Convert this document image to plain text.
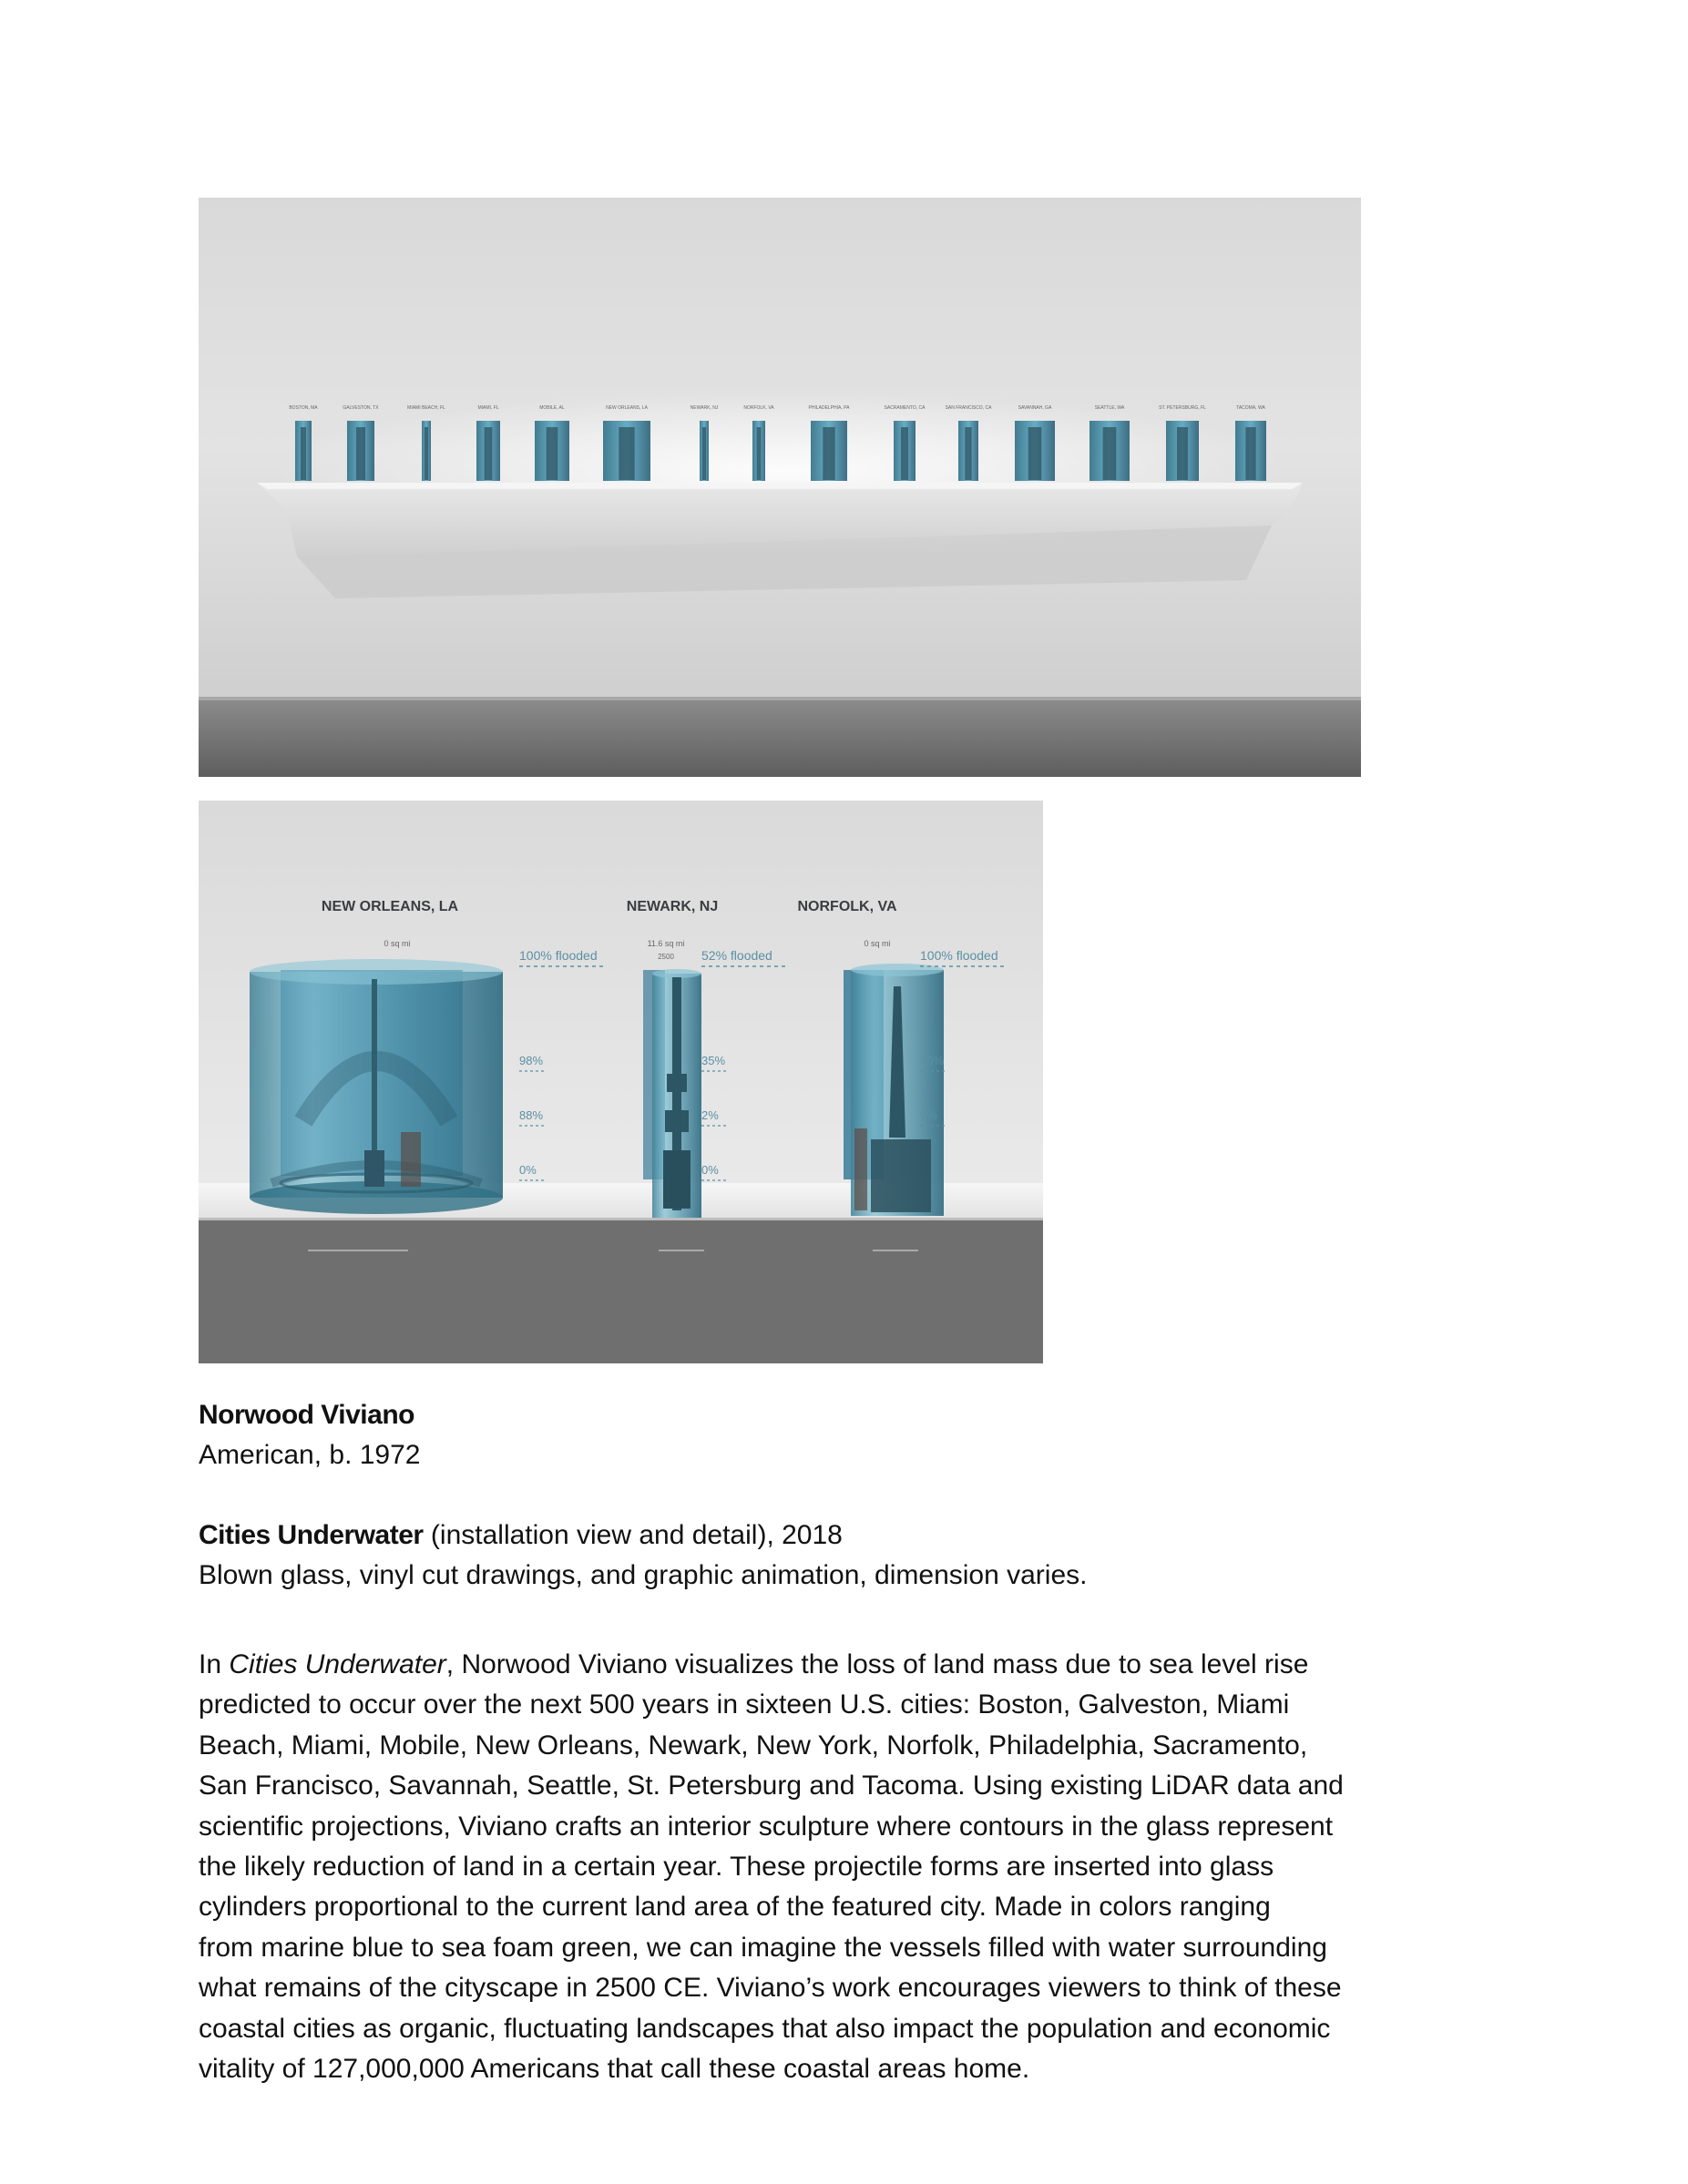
BOSTON, MA	GALVESTON, TX	MIAMI BEACH, FL	MIAMI, FL	MOBILE, AL	NEW ORLEANS, LA	NEWARK, NJ	NORFOLK, VA	PHILADELPHIA, PA	SACRAMENTO, CA	SAN FRANCISCO, CA	SAVANNAH, GA	SEATTLE, WA	ST. PETERSBURG, FL	TACOMA, WA
NEW ORLEANS, LA
0 sq mi
100% flooded
98%
88%
0%
NEWARK, NJ
11.6 sq mi
2500 52% flooded
35%
2%
0%
NORFOLK, VA
0 sq mi
100% flooded
70%
9%
Norwood Viviano
American, b. 1972
Cities Underwater (installation view and detail), 2018
Blown glass, vinyl cut drawings, and graphic animation, dimension varies.
In Cities Underwater, Norwood Viviano visualizes the loss of land mass due to sea level rise
predicted to occur over the next 500 years in sixteen U.S. cities: Boston, Galveston, Miami
Beach, Miami, Mobile, New Orleans, Newark, New York, Norfolk, Philadelphia, Sacramento,
San Francisco, Savannah, Seattle, St. Petersburg and Tacoma. Using existing LiDAR data and
scientific projections, Viviano crafts an interior sculpture where contours in the glass represent
the likely reduction of land in a certain year. These projectile forms are inserted into glass
cylinders proportional to the current land area of the featured city. Made in colors ranging
from marine blue to sea foam green, we can imagine the vessels filled with water surrounding
what remains of the cityscape in 2500 CE. Viviano’s work encourages viewers to think of these
coastal cities as organic, fluctuating landscapes that also impact the population and economic
vitality of 127,000,000 Americans that call these coastal areas home.
